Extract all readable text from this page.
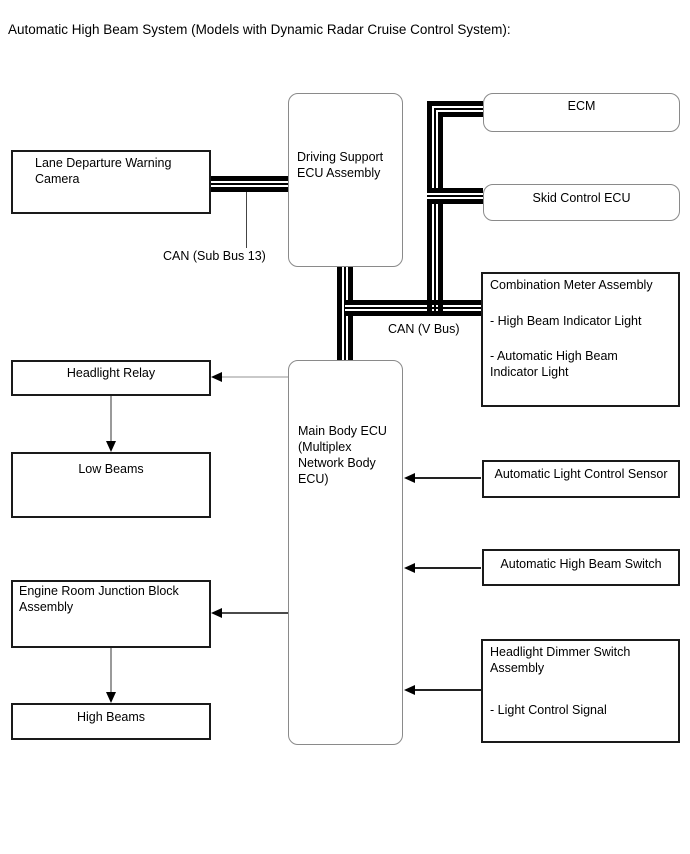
Automatic High Beam System (Models with Dynamic Radar Cruise Control System):
CAN (Sub Bus 13)
CAN (V Bus)
Lane Departure Warning
Camera
Driving Support
ECU Assembly
ECM
Skid Control ECU
Combination Meter Assembly
- High Beam Indicator Light
- Automatic High Beam
Indicator Light
Headlight Relay
Low Beams
Main Body ECU
(Multiplex
Network Body
ECU)	Automatic Light Control Sensor
Automatic High Beam Switch
Engine Room Junction Block
Assembly
High Beams
Headlight Dimmer Switch
Assembly
- Light Control Signal
